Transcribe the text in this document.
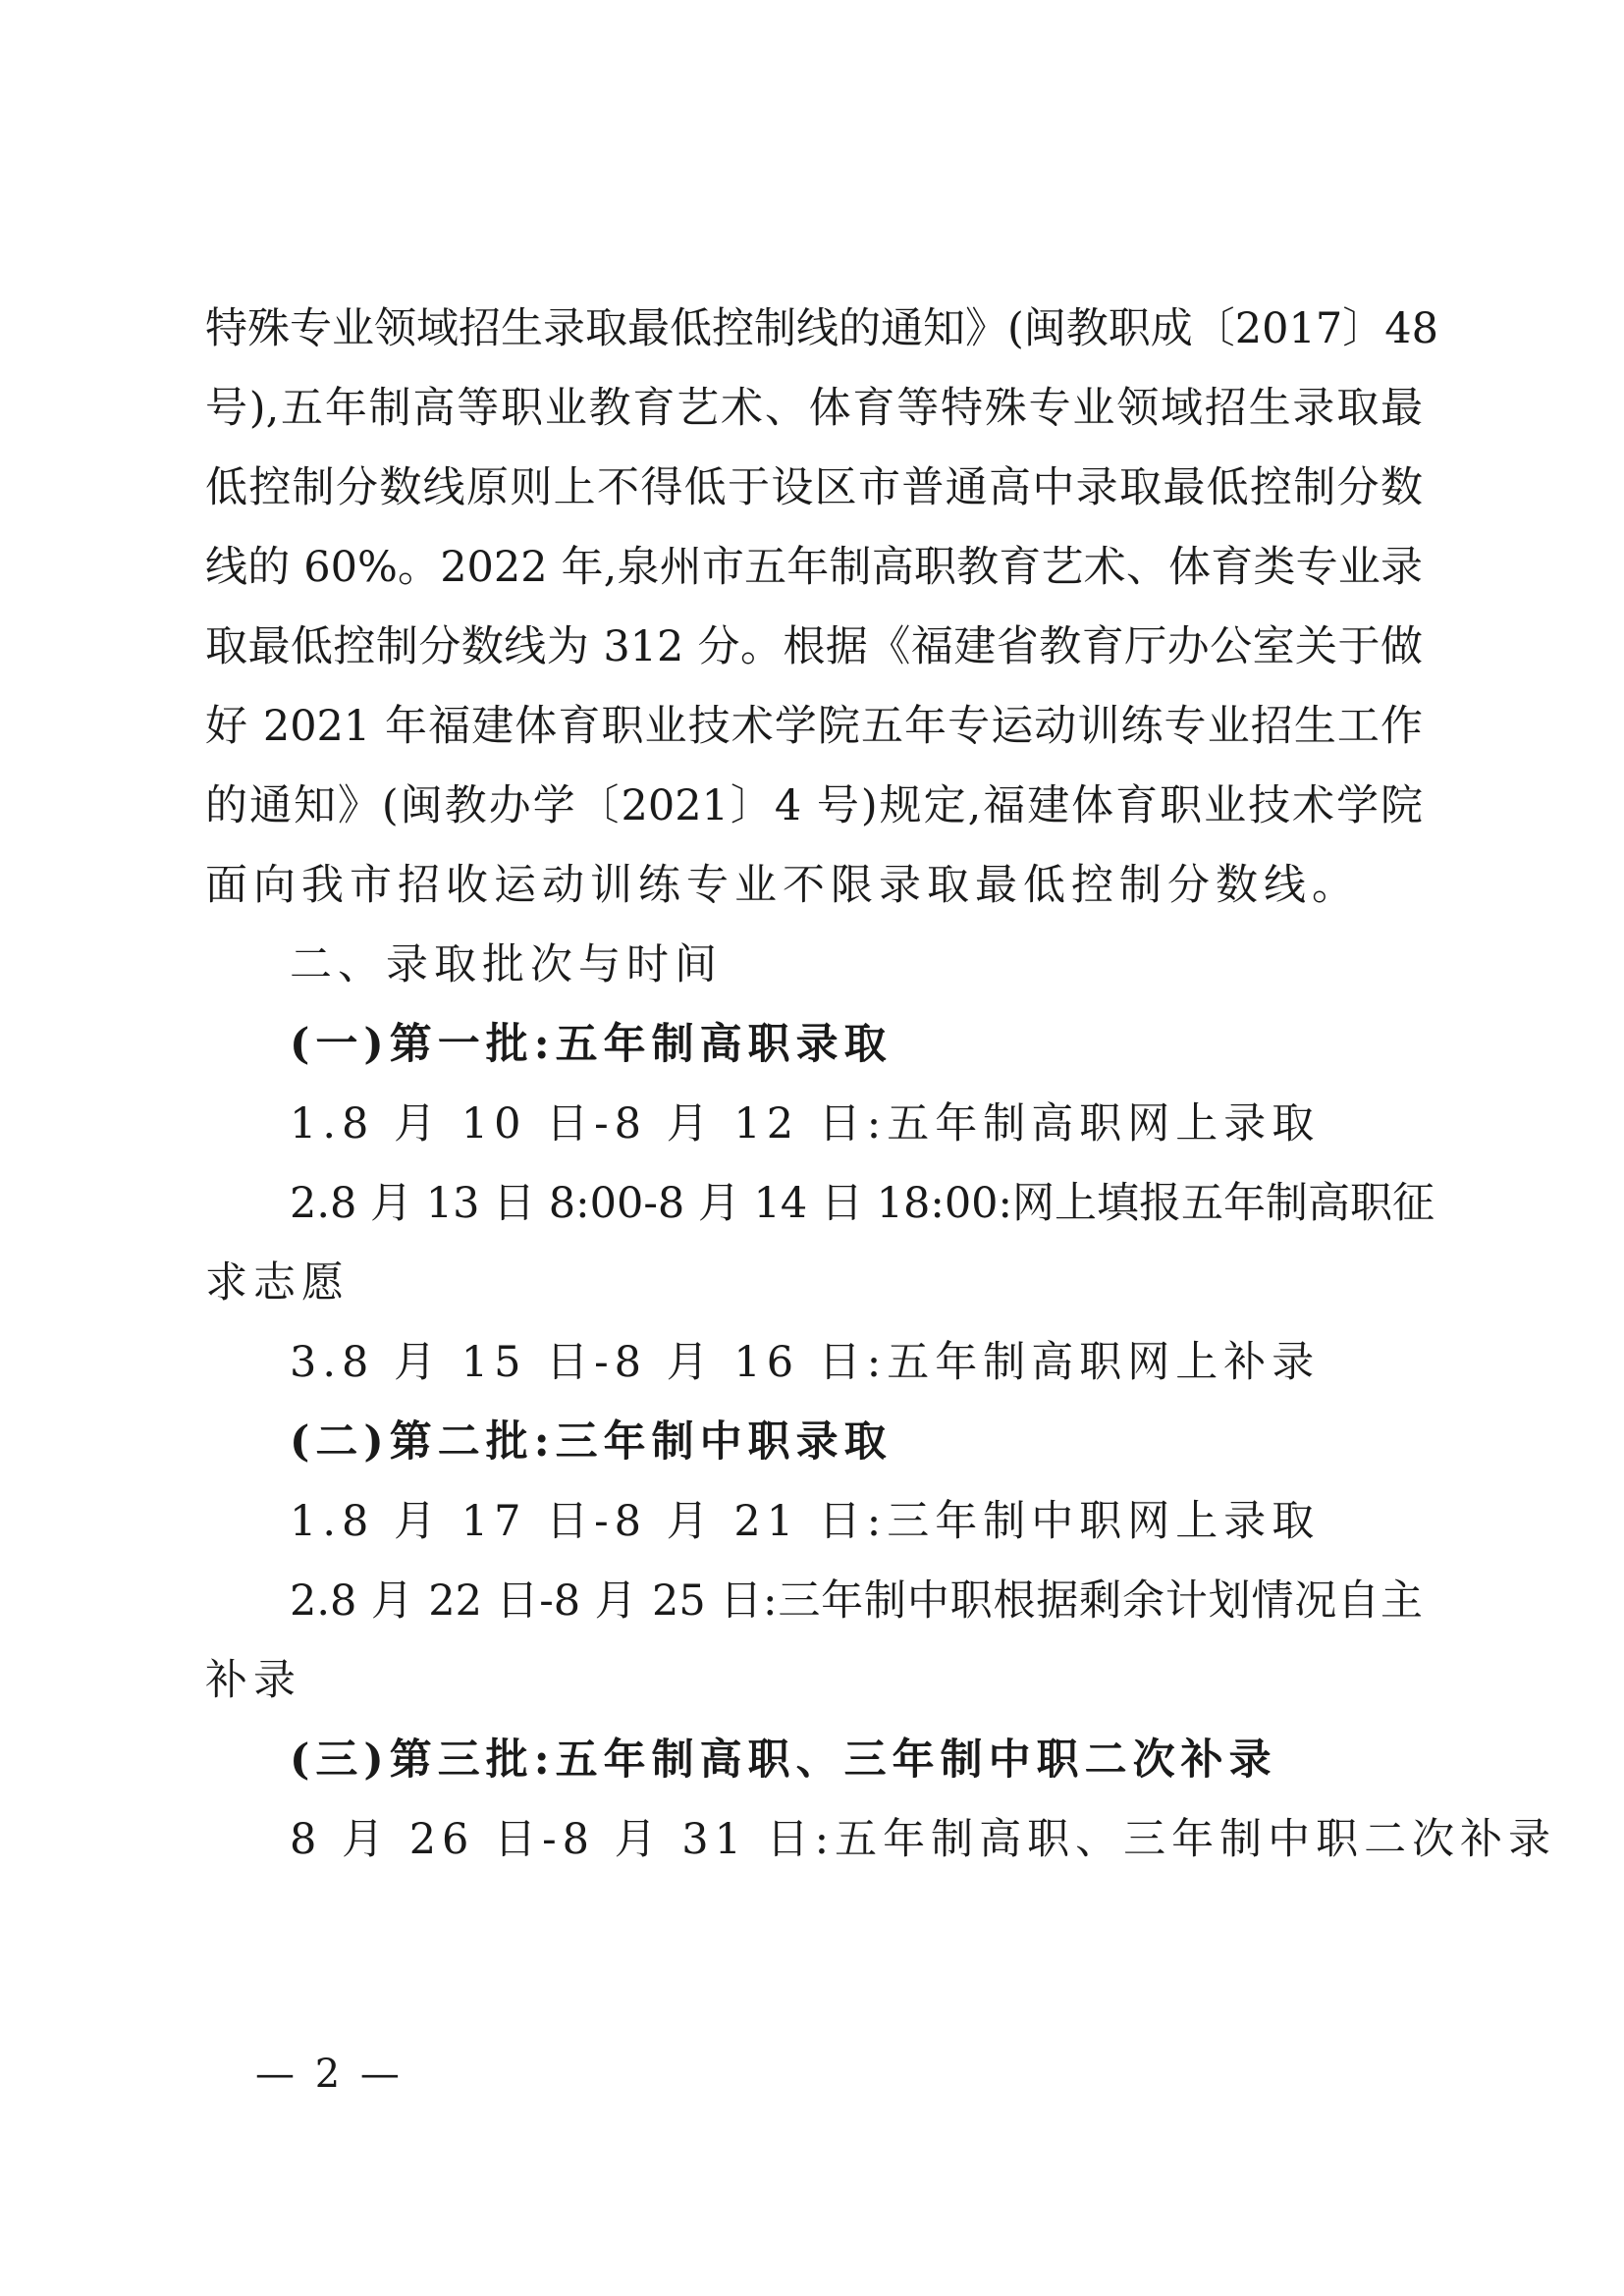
特殊专业领域招生录取最低控制线的通知》(闽教职成〔2017〕48
号),五年制高等职业教育艺术、体育等特殊专业领域招生录取最
低控制分数线原则上不得低于设区市普通高中录取最低控制分数
线的 60%。2022 年,泉州市五年制高职教育艺术、体育类专业录
取最低控制分数线为 312 分。根据《福建省教育厅办公室关于做
好 2021 年福建体育职业技术学院五年专运动训练专业招生工作
的通知》(闽教办学〔2021〕4 号)规定,福建体育职业技术学院
面向我市招收运动训练专业不限录取最低控制分数线。
二、录取批次与时间
(一)第一批:五年制高职录取
1.8 月 10 日-8 月 12 日:五年制高职网上录取
2.8 月 13 日 8:00-8 月 14 日 18:00:网上填报五年制高职征
求志愿
3.8 月 15 日-8 月 16 日:五年制高职网上补录
(二)第二批:三年制中职录取
1.8 月 17 日-8 月 21 日:三年制中职网上录取
2.8 月 22 日-8 月 25 日:三年制中职根据剩余计划情况自主
补录
(三)第三批:五年制高职、三年制中职二次补录
8 月 26 日-8 月 31 日:五年制高职、三年制中职二次补录
— 2 —
